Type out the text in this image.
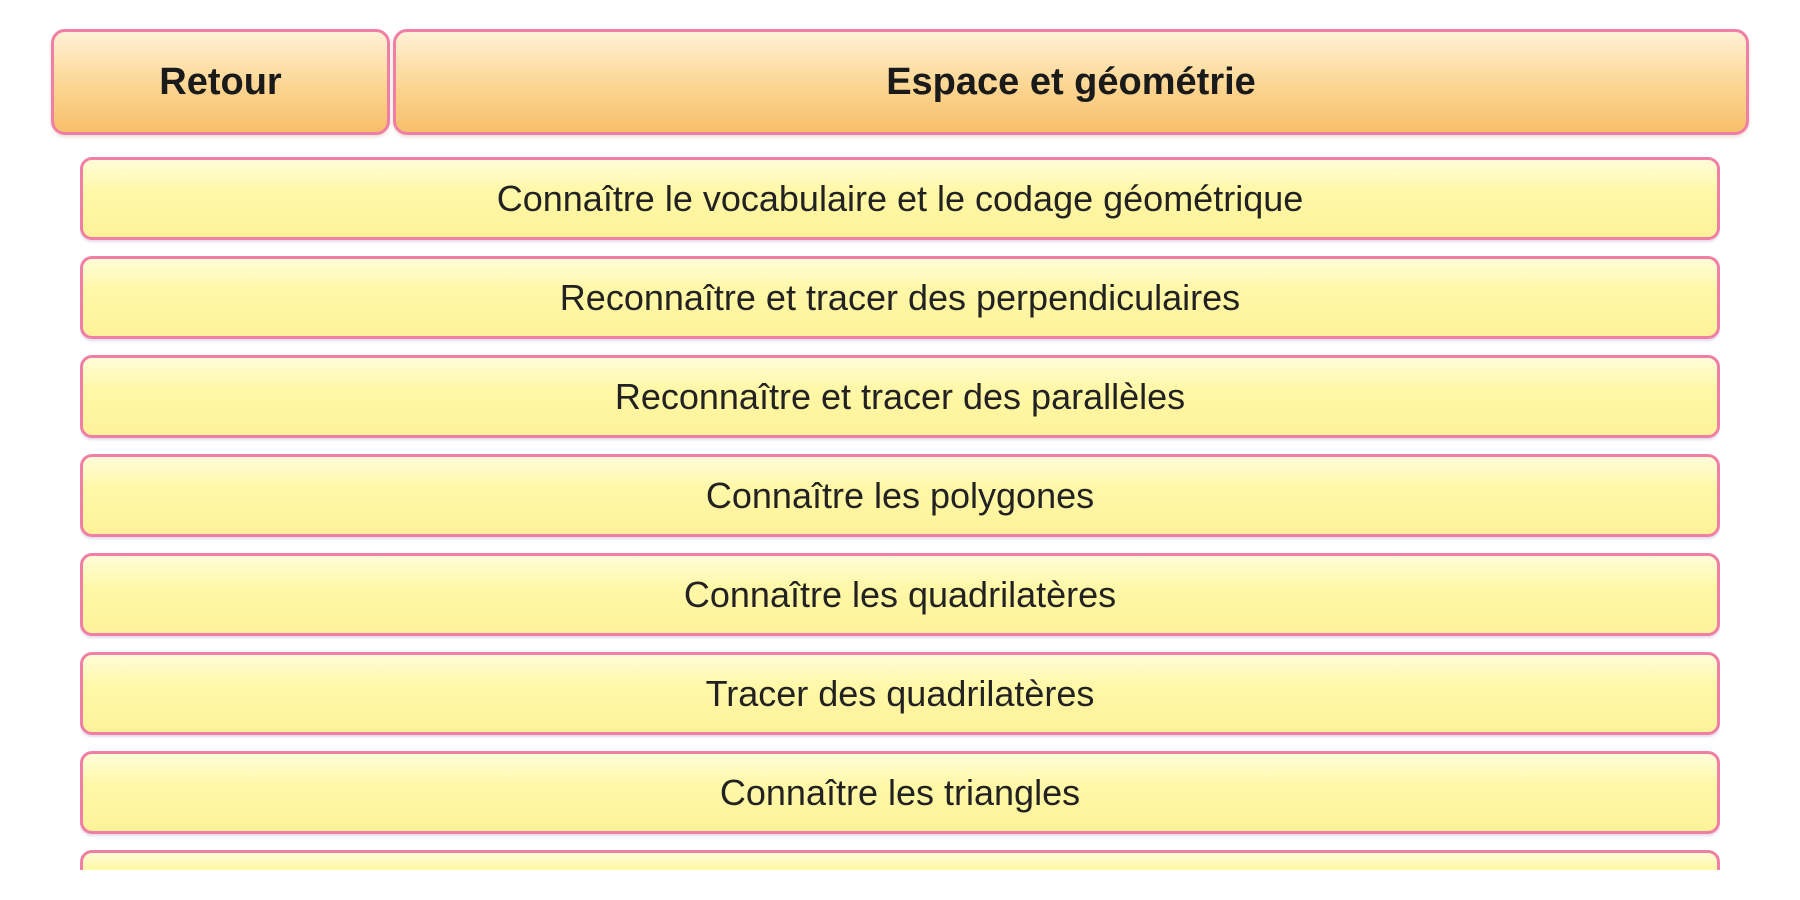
Retour	Espace et géométrie
Connaître le vocabulaire et le codage géométrique
Reconnaître et tracer des perpendiculaires
Reconnaître et tracer des parallèles
Connaître les polygones
Connaître les quadrilatères
Tracer des quadrilatères
Connaître les triangles
